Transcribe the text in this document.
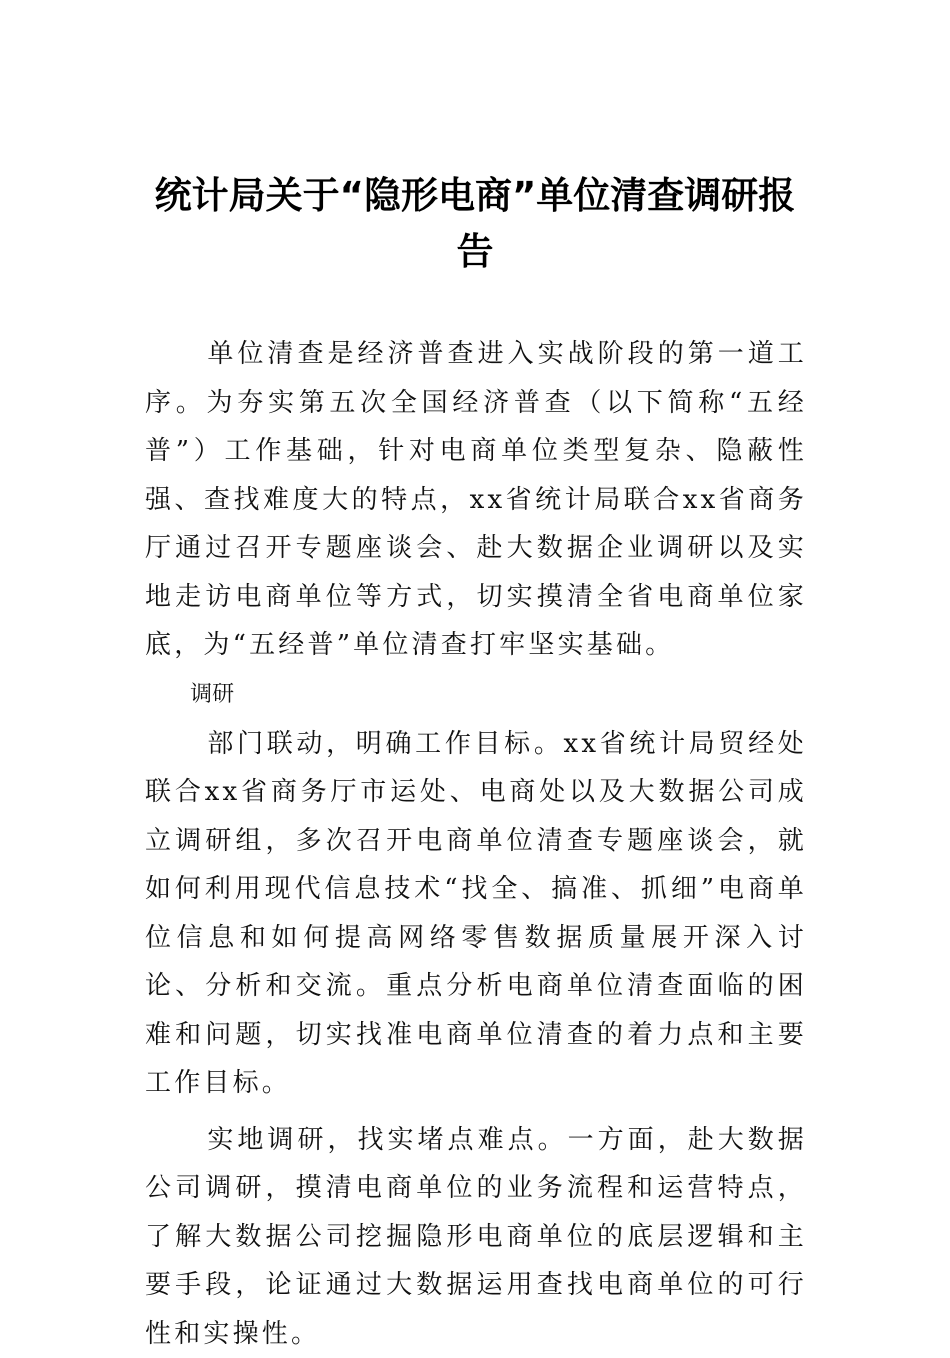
统计局关于“隐形电商”单位清查调研报告

单位清查是经济普查进入实战阶段的第一道工序。为夯实第五次全国经济普查（以下简称“五经普”）工作基础，针对电商单位类型复杂、隐蔽性强、查找难度大的特点，xx省统计局联合xx省商务厅通过召开专题座谈会、赴大数据企业调研以及实地走访电商单位等方式，切实摸清全省电商单位家底，为“五经普”单位清查打牢坚实基础。

调研

部门联动，明确工作目标。xx省统计局贸经处联合xx省商务厅市运处、电商处以及大数据公司成立调研组，多次召开电商单位清查专题座谈会，就如何利用现代信息技术“找全、搞准、抓细”电商单位信息和如何提高网络零售数据质量展开深入讨论、分析和交流。重点分析电商单位清查面临的困难和问题，切实找准电商单位清查的着力点和主要工作目标。

实地调研，找实堵点难点。一方面，赴大数据公司调研，摸清电商单位的业务流程和运营特点，了解大数据公司挖掘隐形电商单位的底层逻辑和主要手段，论证通过大数据运用查找电商单位的可行性和实操性。
